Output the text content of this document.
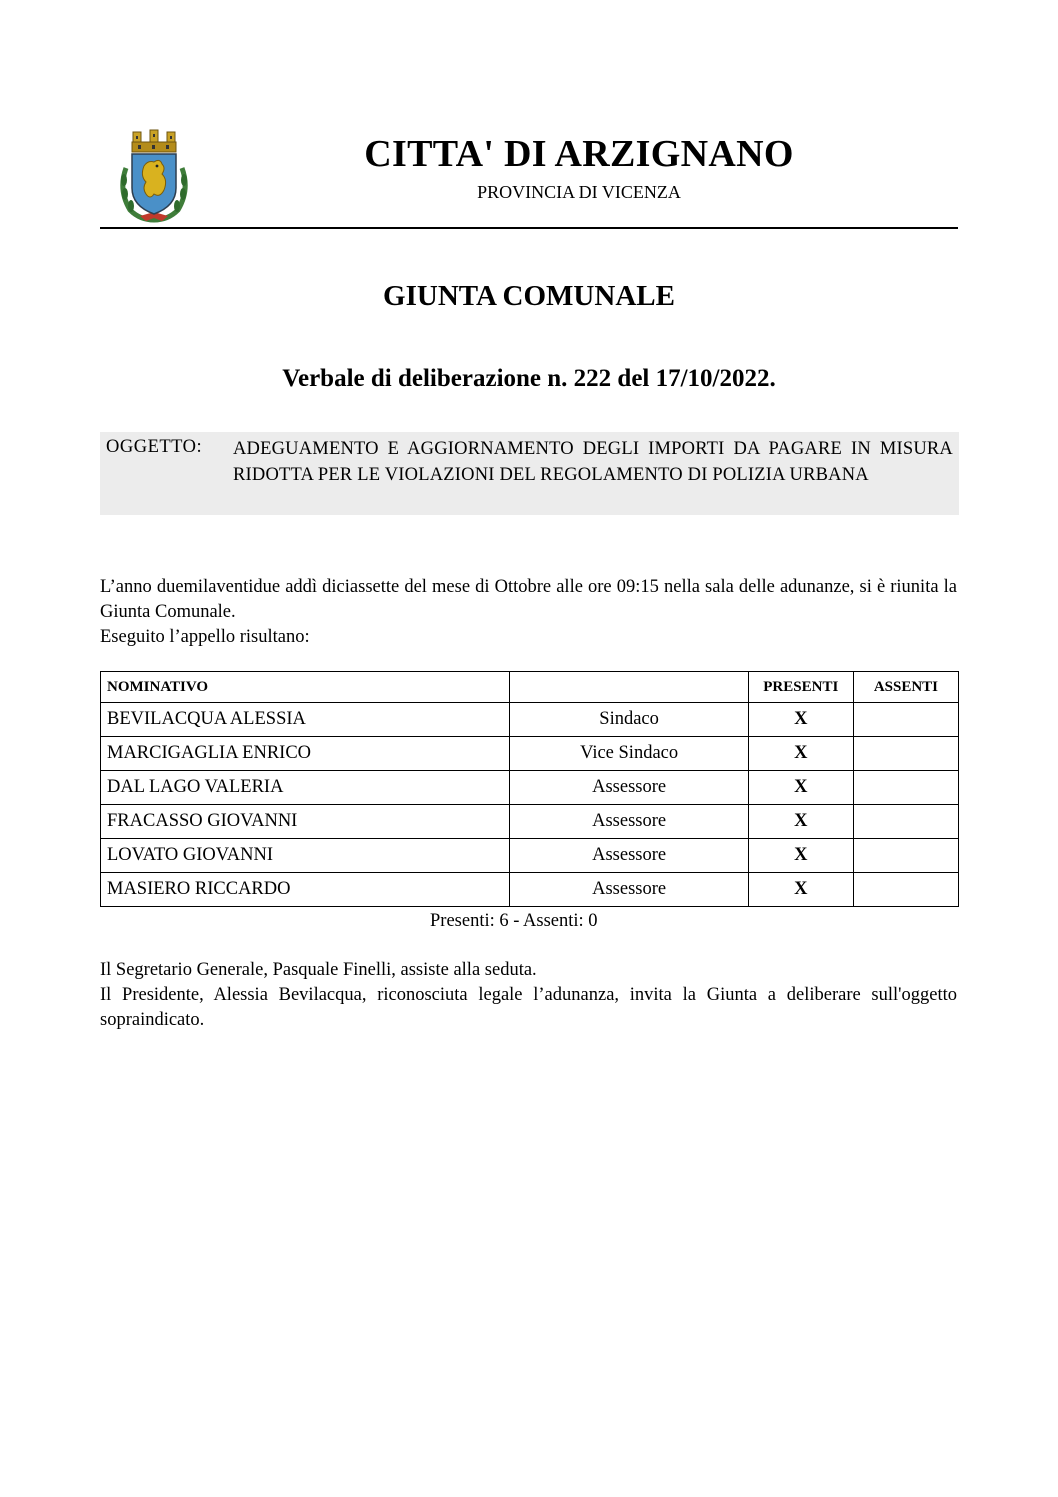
CITTA' DI ARZIGNANO
PROVINCIA DI VICENZA
GIUNTA COMUNALE
Verbale di deliberazione n. 222 del 17/10/2022.
OGGETTO: ADEGUAMENTO E AGGIORNAMENTO DEGLI IMPORTI DA PAGARE IN MISURA RIDOTTA PER LE VIOLAZIONI DEL REGOLAMENTO DI POLIZIA URBANA

L’anno duemilaventidue addì diciassette del mese di Ottobre alle ore 09:15 nella sala delle adunanze, si è riunita la Giunta Comunale.

Eseguito l’appello risultano:

NOMINATIVO		PRESENTI	ASSENTI
BEVILACQUA ALESSIA	Sindaco	X	
MARCIGAGLIA ENRICO	Vice Sindaco	X	
DAL LAGO VALERIA	Assessore	X	
FRACASSO GIOVANNI	Assessore	X	
LOVATO GIOVANNI	Assessore	X	
MASIERO RICCARDO	Assessore	X	
Presenti: 6 - Assenti: 0

Il Segretario Generale, Pasquale Finelli, assiste alla seduta.

Il Presidente, Alessia Bevilacqua, riconosciuta legale l’adunanza, invita la Giunta a deliberare sull'oggetto sopraindicato.
